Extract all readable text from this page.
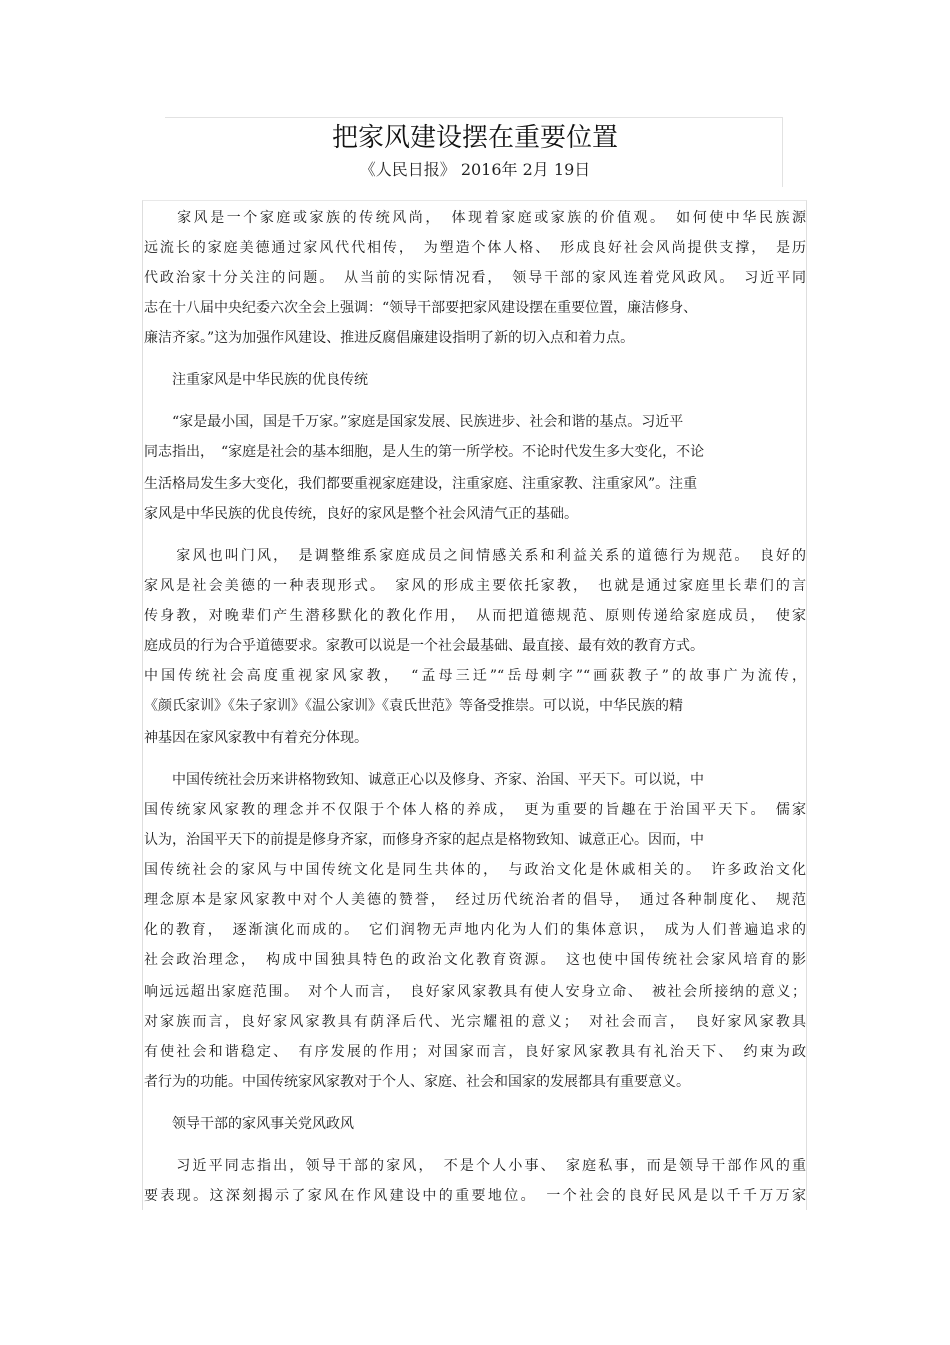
把家风建设摆在重要位置
《人民日报》 2016年 2月 19日
　　家风是一个家庭或家族的传统风尚，　体现着家庭或家族的价值观。　如何使中华民族源
远流长的家庭美德通过家风代代相传，　为塑造个体人格、　形成良好社会风尚提供支撑，　是历
代政治家十分关注的问题。　从当前的实际情况看，　领导干部的家风连着党风政风。　习近平同
志在十八届中央纪委六次全会上强调：“领导干部要把家风建设摆在重要位置，廉洁修身、
廉洁齐家。”这为加强作风建设、推进反腐倡廉建设指明了新的切入点和着力点。
　　注重家风是中华民族的优良传统
　　“家是最小国，国是千万家。”家庭是国家发展、民族进步、社会和谐的基点。习近平
同志指出，　“家庭是社会的基本细胞，是人生的第一所学校。不论时代发生多大变化，不论
生活格局发生多大变化，我们都要重视家庭建设，注重家庭、注重家教、注重家风”。注重
家风是中华民族的优良传统，良好的家风是整个社会风清气正的基础。
　　家风也叫门风，　是调整维系家庭成员之间情感关系和利益关系的道德行为规范。　良好的
家风是社会美德的一种表现形式。　家风的形成主要依托家教，　也就是通过家庭里长辈们的言
传身教，对晚辈们产生潜移默化的教化作用，　从而把道德规范、原则传递给家庭成员，　使家
庭成员的行为合乎道德要求。家教可以说是一个社会最基础、最直接、最有效的教育方式。
中国传统社会高度重视家风家教，　“孟母三迁”“岳母刺字”“画荻教子”的故事广为流传，
《颜氏家训》《朱子家训》《温公家训》《袁氏世范》等备受推崇。可以说，中华民族的精
神基因在家风家教中有着充分体现。
　　中国传统社会历来讲格物致知、诚意正心以及修身、齐家、治国、平天下。可以说，中
国传统家风家教的理念并不仅限于个体人格的养成，　更为重要的旨趣在于治国平天下。　儒家
认为，治国平天下的前提是修身齐家，而修身齐家的起点是格物致知、诚意正心。因而，中
国传统社会的家风与中国传统文化是同生共体的，　与政治文化是休戚相关的。　许多政治文化
理念原本是家风家教中对个人美德的赞誉，　经过历代统治者的倡导，　通过各种制度化、　规范
化的教育，　逐渐演化而成的。　它们润物无声地内化为人们的集体意识，　成为人们普遍追求的
社会政治理念，　构成中国独具特色的政治文化教育资源。　这也使中国传统社会家风培育的影
响远远超出家庭范围。　对个人而言，　良好家风家教具有使人安身立命、　被社会所接纳的意义；
对家族而言，良好家风家教具有荫泽后代、光宗耀祖的意义；　对社会而言，　良好家风家教具
有使社会和谐稳定、　有序发展的作用；对国家而言，良好家风家教具有礼治天下、　约束为政
者行为的功能。中国传统家风家教对于个人、家庭、社会和国家的发展都具有重要意义。
　　领导干部的家风事关党风政风
　　习近平同志指出，领导干部的家风，　不是个人小事、　家庭私事，而是领导干部作风的重
要表现。这深刻揭示了家风在作风建设中的重要地位。　一个社会的良好民风是以千千万万家
